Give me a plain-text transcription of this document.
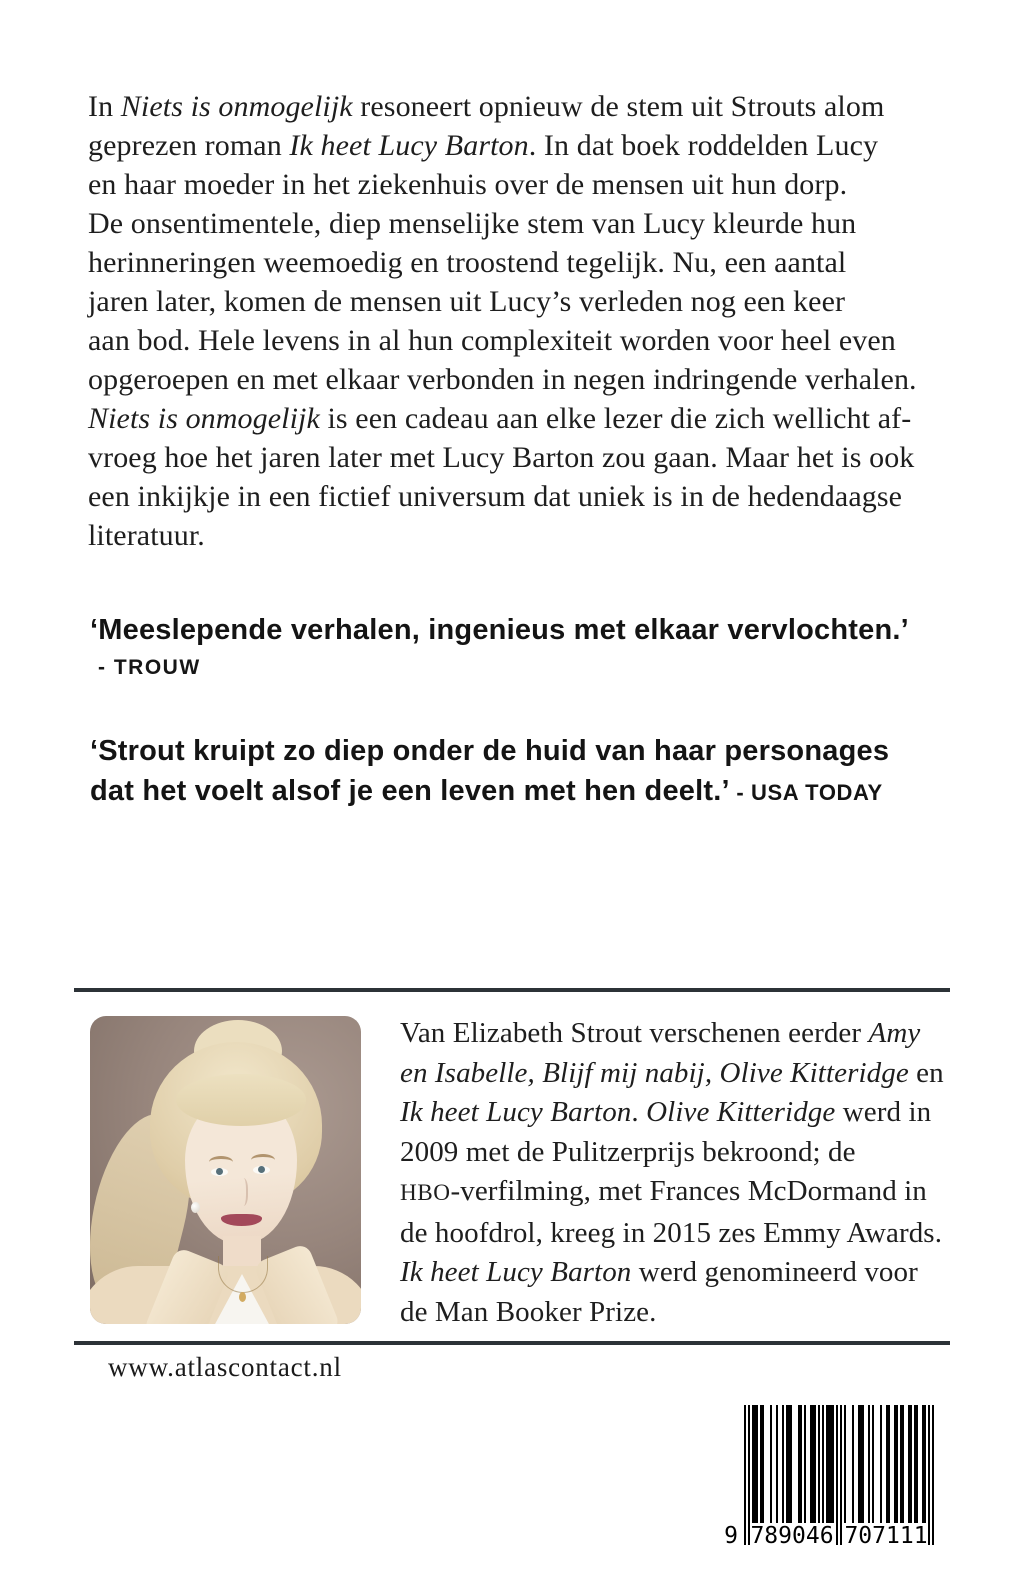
In Niets is onmogelijk resoneert opnieuw de stem uit Strouts alom
geprezen roman Ik heet Lucy Barton. In dat boek roddelden Lucy
en haar moeder in het ziekenhuis over de mensen uit hun dorp.
De onsentimentele, diep menselijke stem van Lucy kleurde hun
herinneringen weemoedig en troostend tegelijk. Nu, een aantal
jaren later, komen de mensen uit Lucy’s verleden nog een keer
aan bod. Hele levens in al hun complexiteit worden voor heel even
opgeroepen en met elkaar verbonden in negen indringende verhalen.
Niets is onmogelijk is een cadeau aan elke lezer die zich wellicht af-
vroeg hoe het jaren later met Lucy Barton zou gaan. Maar het is ook
een inkijkje in een fictief universum dat uniek is in de hedendaagse
literatuur.
‘Meeslepende verhalen, ingenieus met elkaar vervlochten.’
- TROUW
‘Strout kruipt zo diep onder de huid van haar personages
dat het voelt alsof je een leven met hen deelt.’ - USA TODAY
Van Elizabeth Strout verschenen eerder Amy
en Isabelle, Blijf mij nabij, Olive Kitteridge en
Ik heet Lucy Barton. Olive Kitteridge werd in
2009 met de Pulitzerprijs bekroond; de
HBO-verfilming, met Frances McDormand in
de hoofdrol, kreeg in 2015 zes Emmy Awards.
Ik heet Lucy Barton werd genomineerd voor
de Man Booker Prize.
www.atlascontact.nl
9 789046 707111
